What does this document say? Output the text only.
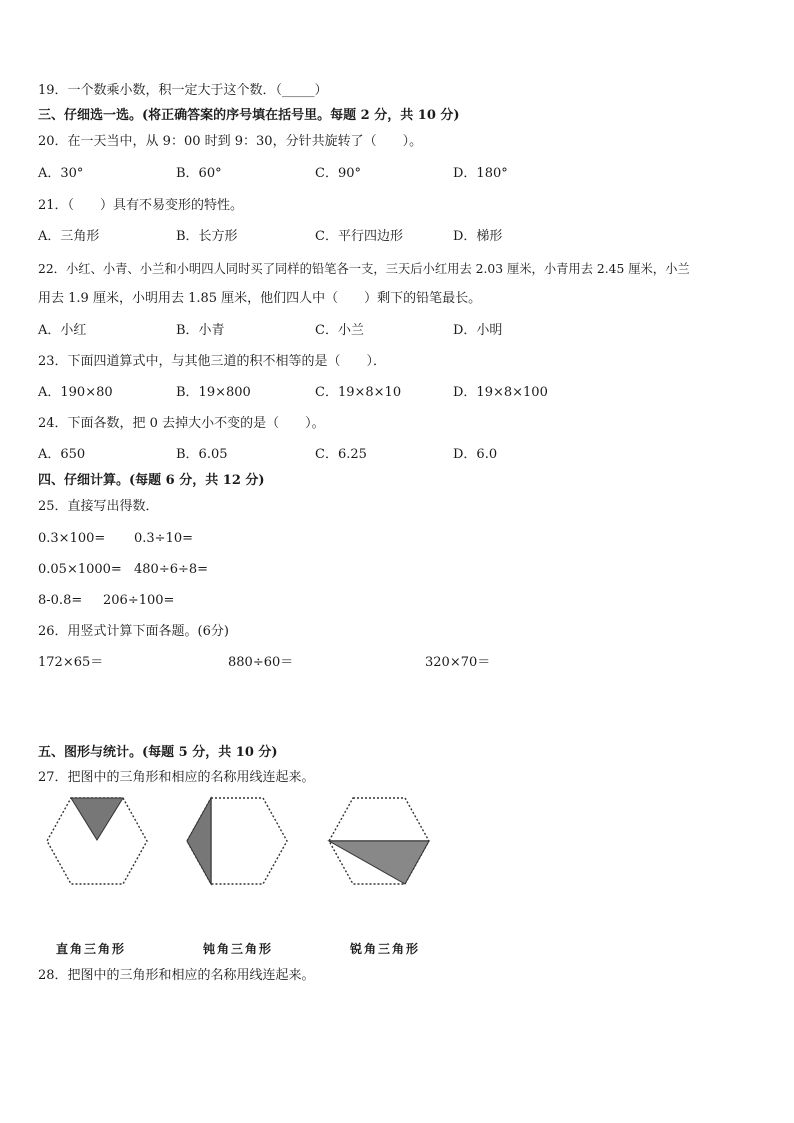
19．一个数乘小数，积一定大于这个数．（_____）
三、仔细选一选。(将正确答案的序号填在括号里。每题 2 分，共 10 分)
20．在一天当中，从 9：00 时到 9：30，分针共旋转了（　　）。
A．30°	B．60°	C．90°	D．180°
21．（　　）具有不易变形的特性。
A．三角形	B．长方形	C．平行四边形	D．梯形
22．小红、小青、小兰和小明四人同时买了同样的铅笔各一支，三天后小红用去 2.03 厘米，小青用去 2.45 厘米，小兰
用去 1.9 厘米，小明用去 1.85 厘米，他们四人中（　　）剩下的铅笔最长。
A．小红	B．小青	C．小兰	D．小明
23．下面四道算式中，与其他三道的积不相等的是（　　）．
A．190×80	B．19×800	C．19×8×10	D．19×8×100
24．下面各数，把 0 去掉大小不变的是（　　）。
A．650	B．6.05	C．6.25	D．6.0
四、仔细计算。(每题 6 分，共 12 分)
25．直接写出得数．
0.3×100= 0.3÷10=
0.05×1000= 480÷6÷8=
8-0.8= 206÷100=
26．用竖式计算下面各题。(6分)
172×65＝	880÷60＝	320×70＝
五、图形与统计。(每题 5 分，共 10 分)
27．把图中的三角形和相应的名称用线连起来。
直角三角形	钝角三角形	锐角三角形
28．把图中的三角形和相应的名称用线连起来。
